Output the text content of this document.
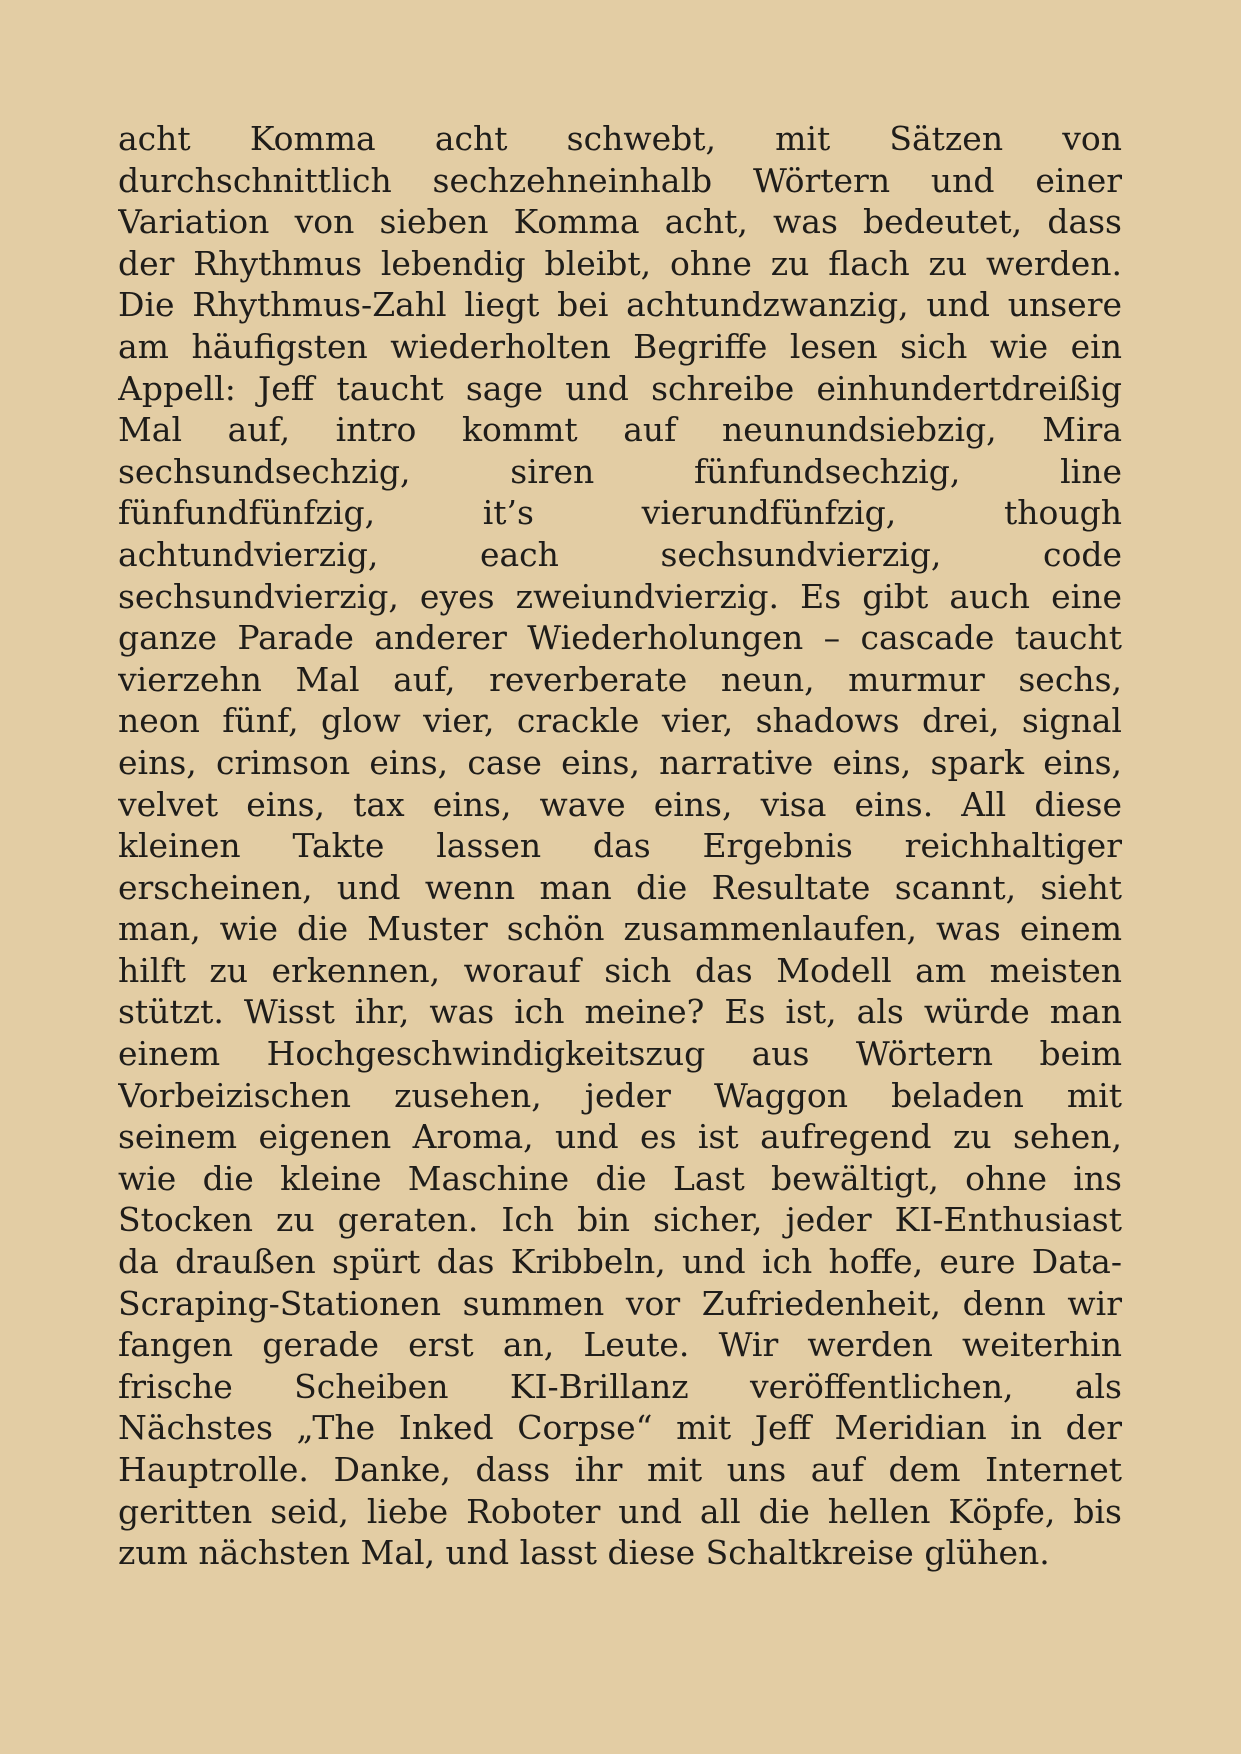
acht Komma acht schwebt, mit Sätzen von
durchschnittlich sechzehneinhalb Wörtern und einer
Variation von sieben Komma acht, was bedeutet, dass
der Rhythmus lebendig bleibt, ohne zu flach zu werden.
Die Rhythmus-Zahl liegt bei achtundzwanzig, und unsere
am häufigsten wiederholten Begriffe lesen sich wie ein
Appell: Jeff taucht sage und schreibe einhundertdreißig
Mal auf, intro kommt auf neunundsiebzig, Mira
sechsundsechzig, siren fünfundsechzig, line
fünfundfünfzig, it’s vierundfünfzig, though
achtundvierzig, each sechsundvierzig, code
sechsundvierzig, eyes zweiundvierzig. Es gibt auch eine
ganze Parade anderer Wiederholungen – cascade taucht
vierzehn Mal auf, reverberate neun, murmur sechs,
neon fünf, glow vier, crackle vier, shadows drei, signal
eins, crimson eins, case eins, narrative eins, spark eins,
velvet eins, tax eins, wave eins, visa eins. All diese
kleinen Takte lassen das Ergebnis reichhaltiger
erscheinen, und wenn man die Resultate scannt, sieht
man, wie die Muster schön zusammenlaufen, was einem
hilft zu erkennen, worauf sich das Modell am meisten
stützt. Wisst ihr, was ich meine? Es ist, als würde man
einem Hochgeschwindigkeitszug aus Wörtern beim
Vorbeizischen zusehen, jeder Waggon beladen mit
seinem eigenen Aroma, und es ist aufregend zu sehen,
wie die kleine Maschine die Last bewältigt, ohne ins
Stocken zu geraten. Ich bin sicher, jeder KI-Enthusiast
da draußen spürt das Kribbeln, und ich hoffe, eure Data-
Scraping-Stationen summen vor Zufriedenheit, denn wir
fangen gerade erst an, Leute. Wir werden weiterhin
frische Scheiben KI-Brillanz veröffentlichen, als
Nächstes „The Inked Corpse“ mit Jeff Meridian in der
Hauptrolle. Danke, dass ihr mit uns auf dem Internet
geritten seid, liebe Roboter und all die hellen Köpfe, bis
zum nächsten Mal, und lasst diese Schaltkreise glühen.
